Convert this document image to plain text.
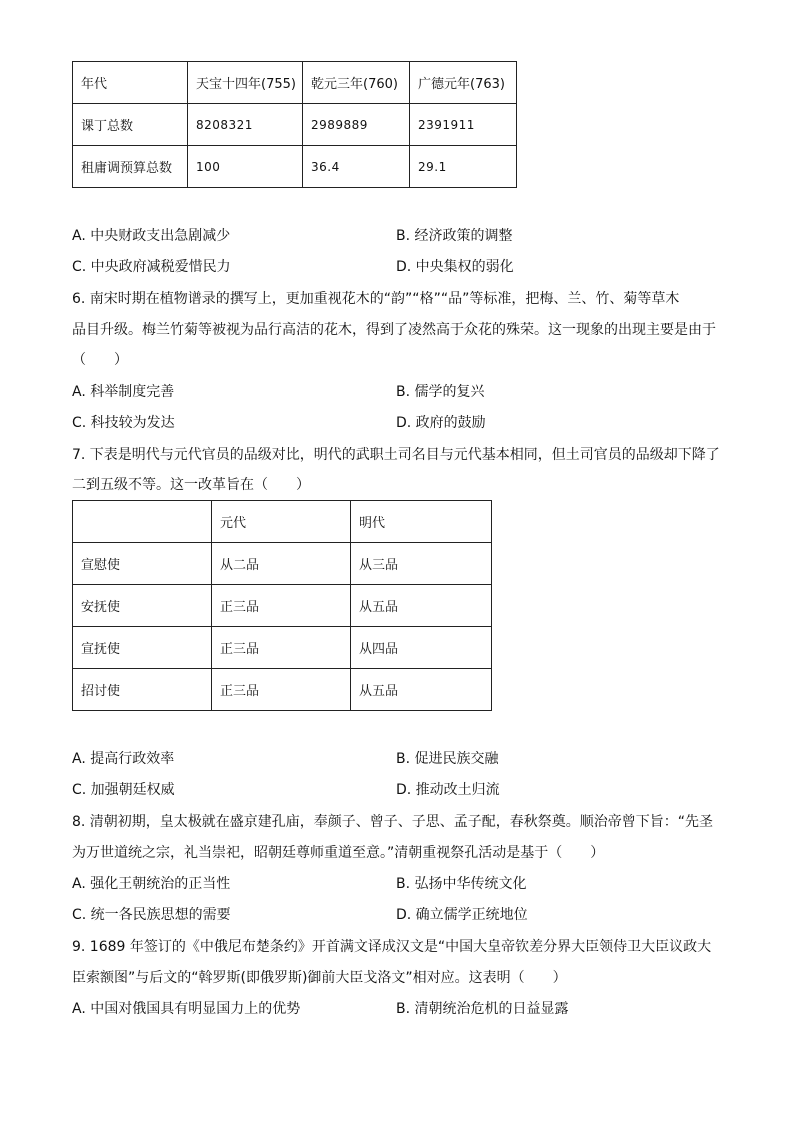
年代	天宝十四年(755)	乾元三年(760)	广德元年(763)
课丁总数	8208321	2989889	2391911
租庸调预算总数	100	36.4	29.1
A. 中央财政支出急剧减少	B. 经济政策的调整
C. 中央政府减税爱惜民力	D. 中央集权的弱化
6. 南宋时期在植物谱录的撰写上，更加重视花木的“韵”“格”“品”等标准，把梅、兰、竹、菊等草木
品目升级。梅兰竹菊等被视为品行高洁的花木，得到了凌然高于众花的殊荣。这一现象的出现主要是由于
（　　）
A. 科举制度完善	B. 儒学的复兴
C. 科技较为发达	D. 政府的鼓励
7. 下表是明代与元代官员的品级对比，明代的武职土司名目与元代基本相同，但土司官员的品级却下降了
二到五级不等。这一改革旨在（　　）
	元代	明代
宣慰使	从二品	从三品
安抚使	正三品	从五品
宣抚使	正三品	从四品
招讨使	正三品	从五品
A. 提高行政效率	B. 促进民族交融
C. 加强朝廷权威	D. 推动改土归流
8. 清朝初期，皇太极就在盛京建孔庙，奉颜子、曾子、子思、孟子配，春秋祭奠。顺治帝曾下旨：“先圣
为万世道统之宗，礼当崇祀，昭朝廷尊师重道至意。”清朝重视祭孔活动是基于（　　）
A. 强化王朝统治的正当性	B. 弘扬中华传统文化
C. 统一各民族思想的需要	D. 确立儒学正统地位
9. 1689 年签订的《中俄尼布楚条约》开首满文译成汉文是“中国大皇帝钦差分界大臣领侍卫大臣议政大
臣索额图”与后文的“斡罗斯(即俄罗斯)御前大臣戈洛文”相对应。这表明（　　）
A. 中国对俄国具有明显国力上的优势	B. 清朝统治危机的日益显露
